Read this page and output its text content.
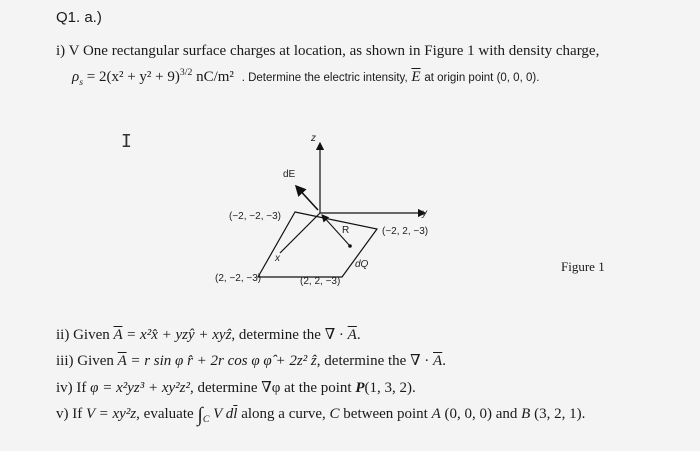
Q1. a.)
i) V One rectangular surface charges at location, as shown in Figure 1 with density charge,
$\rho_s = 2(x^2 + y^2 + 9)^{3/2}$ nC/m² . Determine the electric intensity, $\overline{E}$ at origin point (0, 0, 0).
I	z
dE
(−2, −2, −3)	y
R	(−2, 2, −3)
x
dQ
(2, −2, −3)	(2, 2, −3)
Figure 1
ii) Given $\overline{A}$ = x²x̂ + yzŷ + xyẑ, determine the ∇ · $\overline{A}$.
iii) Given $\overline{A} = r$ sin φ r̂ + 2r cos φ φ̂ + 2z² ẑ, determine the ∇ · $\overline{A}$.
iv) If φ = x²yz³ + xy²z², determine ∇φ at the point P(1, 3, 2).
v) If V = xy²z, evaluate $\int_C$ V $d\overline{l}$ along a curve, C between point A (0, 0, 0) and B (3, 2, 1).
